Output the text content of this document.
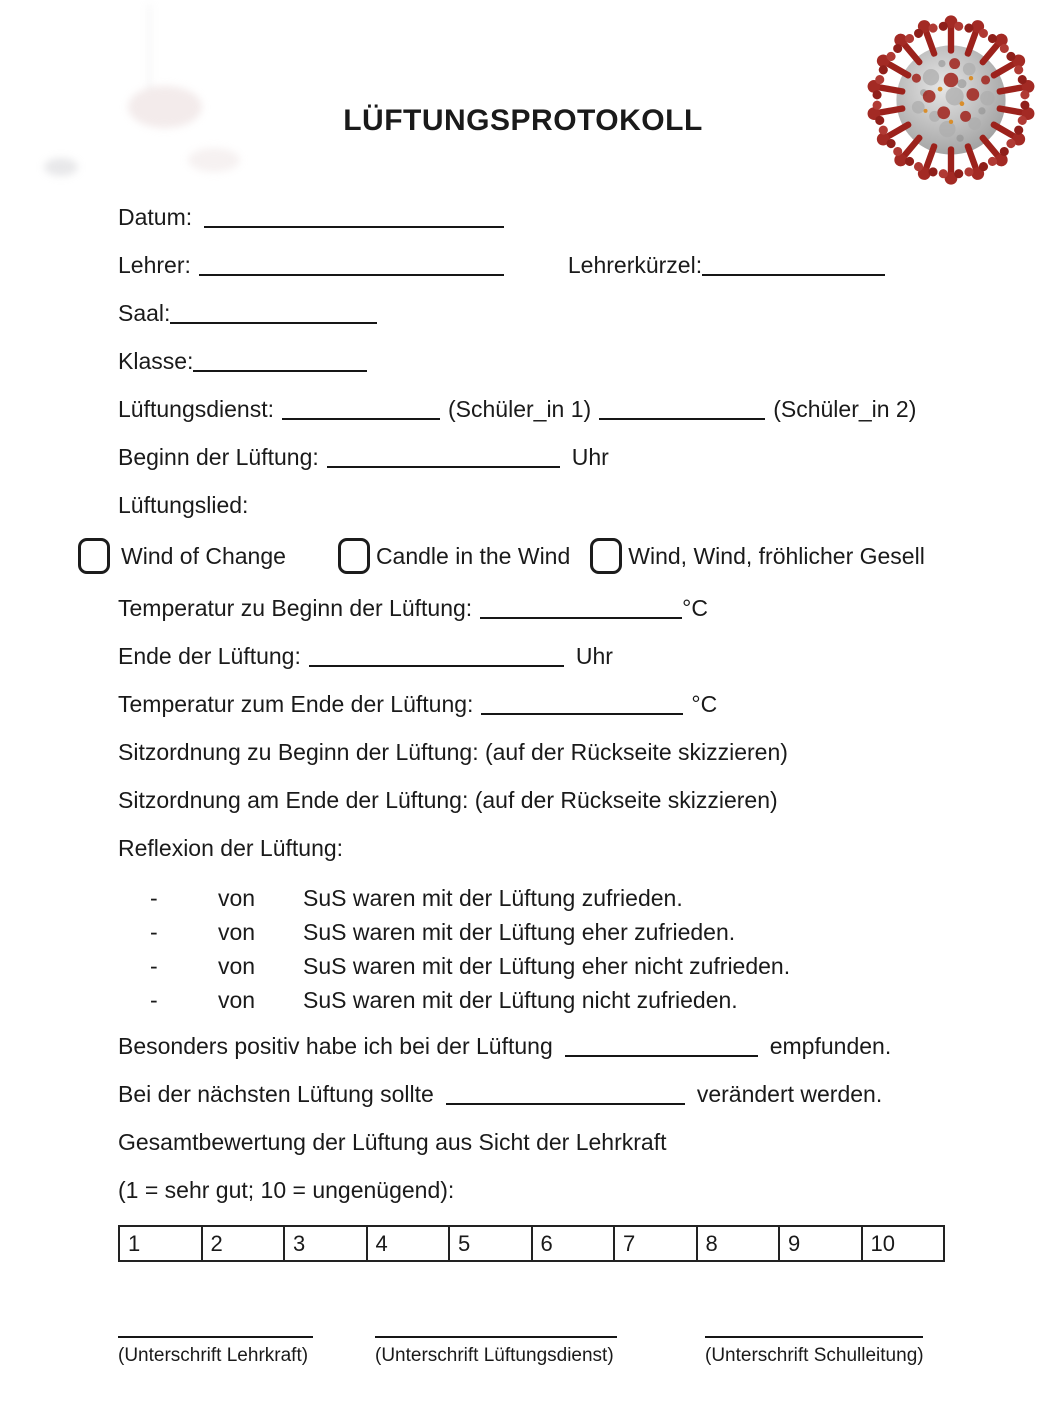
LÜFTUNGSPROTOKOLL
Datum:
Lehrer:	Lehrerkürzel:
Saal:
Klasse:
Lüftungsdienst:	(Schüler_in 1)	(Schüler_in 2)
Beginn der Lüftung:	Uhr
Lüftungslied:
Wind of Change	Candle in the Wind	Wind, Wind, fröhlicher Gesell
Temperatur zu Beginn der Lüftung:	°C
Ende der Lüftung:	Uhr
Temperatur zum Ende der Lüftung:	°C
Sitzordnung zu Beginn der Lüftung: (auf der Rückseite skizzieren)
Sitzordnung am Ende der Lüftung: (auf der Rückseite skizzieren)
Reflexion der Lüftung:
-	von	SuS waren mit der Lüftung zufrieden.
-	von	SuS waren mit der Lüftung eher zufrieden.
-	von	SuS waren mit der Lüftung eher nicht zufrieden.
-	von	SuS waren mit der Lüftung nicht zufrieden.
Besonders positiv habe ich bei der Lüftung	empfunden.
Bei der nächsten Lüftung sollte	verändert werden.
Gesamtbewertung der Lüftung aus Sicht der Lehrkraft
(1 = sehr gut; 10 = ungenügend):
1	2	3	4	5	6	7	8	9	10
(Unterschrift Lehrkraft)	(Unterschrift Lüftungsdienst)	(Unterschrift Schulleitung)
